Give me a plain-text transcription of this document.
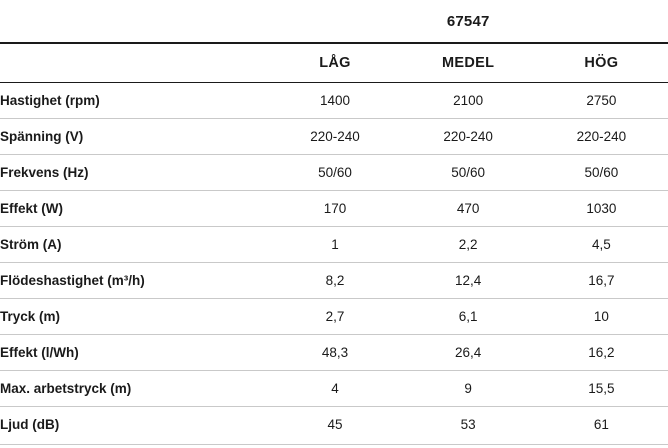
	67547		

	LÅG	MEDEL	HÖG
Hastighet (rpm)	1400	2100	2750
Spänning (V)	220-240	220-240	220-240
Frekvens (Hz)	50/60	50/60	50/60
Effekt (W)	170	470	1030
Ström (A)	1	2,2	4,5
Flödeshastighet (m³/h)	8,2	12,4	16,7
Tryck (m)	2,7	6,1	10
Effekt (l/Wh)	48,3	26,4	16,2
Max. arbetstryck (m)	4	9	15,5
Ljud (dB)	45	53	61
